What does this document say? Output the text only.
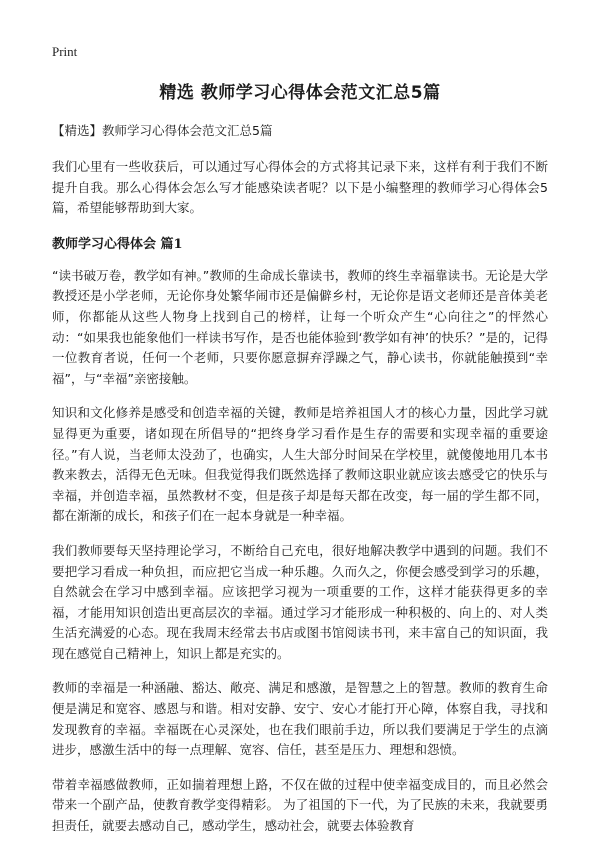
Print
精选 教师学习心得体会范文汇总5篇

【精选】教师学习心得体会范文汇总5篇

我们心里有一些收获后，可以通过写心得体会的方式将其记录下来，这样有利于我们不断提升自我。那么心得体会怎么写才能感染读者呢？以下是小编整理的教师学习心得体会5篇，希望能够帮助到大家。

教师学习心得体会 篇1

“读书破万卷，教学如有神。”教师的生命成长靠读书，教师的终生幸福靠读书。无论是大学教授还是小学老师，无论你身处繁华闹市还是偏僻乡村，无论你是语文老师还是音体美老师，你都能从这些人物身上找到自己的榜样，让每一个听众产生“心向往之”的怦然心动：“如果我也能象他们一样读书写作，是否也能体验到‘教学如有神’的快乐？”是的，记得一位教育者说，任何一个老师，只要你愿意摒弃浮躁之气，静心读书，你就能触摸到“幸福”，与“幸福”亲密接触。

知识和文化修养是感受和创造幸福的关键，教师是培养祖国人才的核心力量，因此学习就显得更为重要，诸如现在所倡导的“把终身学习看作是生存的需要和实现幸福的重要途径。”有人说，当老师太没劲了，也确实，人生大部分时间呆在学校里，就傻傻地用几本书教来教去，活得无色无味。但我觉得我们既然选择了教师这职业就应该去感受它的快乐与幸福，并创造幸福，虽然教材不变，但是孩子却是每天都在改变，每一届的学生都不同，都在渐渐的成长，和孩子们在一起本身就是一种幸福。

我们教师要每天坚持理论学习，不断给自己充电，很好地解决教学中遇到的问题。我们不要把学习看成一种负担，而应把它当成一种乐趣。久而久之，你便会感受到学习的乐趣，自然就会在学习中感到幸福。应该把学习视为一项重要的工作，这样才能获得更多的幸福，才能用知识创造出更高层次的幸福。通过学习才能形成一种积极的、向上的、对人类生活充满爱的心态。现在我周末经常去书店或图书馆阅读书刊，来丰富自己的知识面，我现在感觉自己精神上，知识上都是充实的。

教师的幸福是一种涵融、豁达、敞亮、满足和感激，是智慧之上的智慧。教师的教育生命便是满足和宽容、感恩与和谐。相对安静、安宁、安心才能打开心障，体察自我，寻找和发现教育的幸福。幸福既在心灵深处，也在我们眼前手边，所以我们要满足于学生的点滴进步，感激生活中的每一点理解、宽容、信任，甚至是压力、理想和怨愤。

带着幸福感做教师，正如揣着理想上路，不仅在做的过程中使幸福变成目的，而且必然会带来一个副产品，使教育教学变得精彩。 为了祖国的下一代，为了民族的未来，我就要勇担责任，就要去感动自己，感动学生，感动社会，就要去体验教育
